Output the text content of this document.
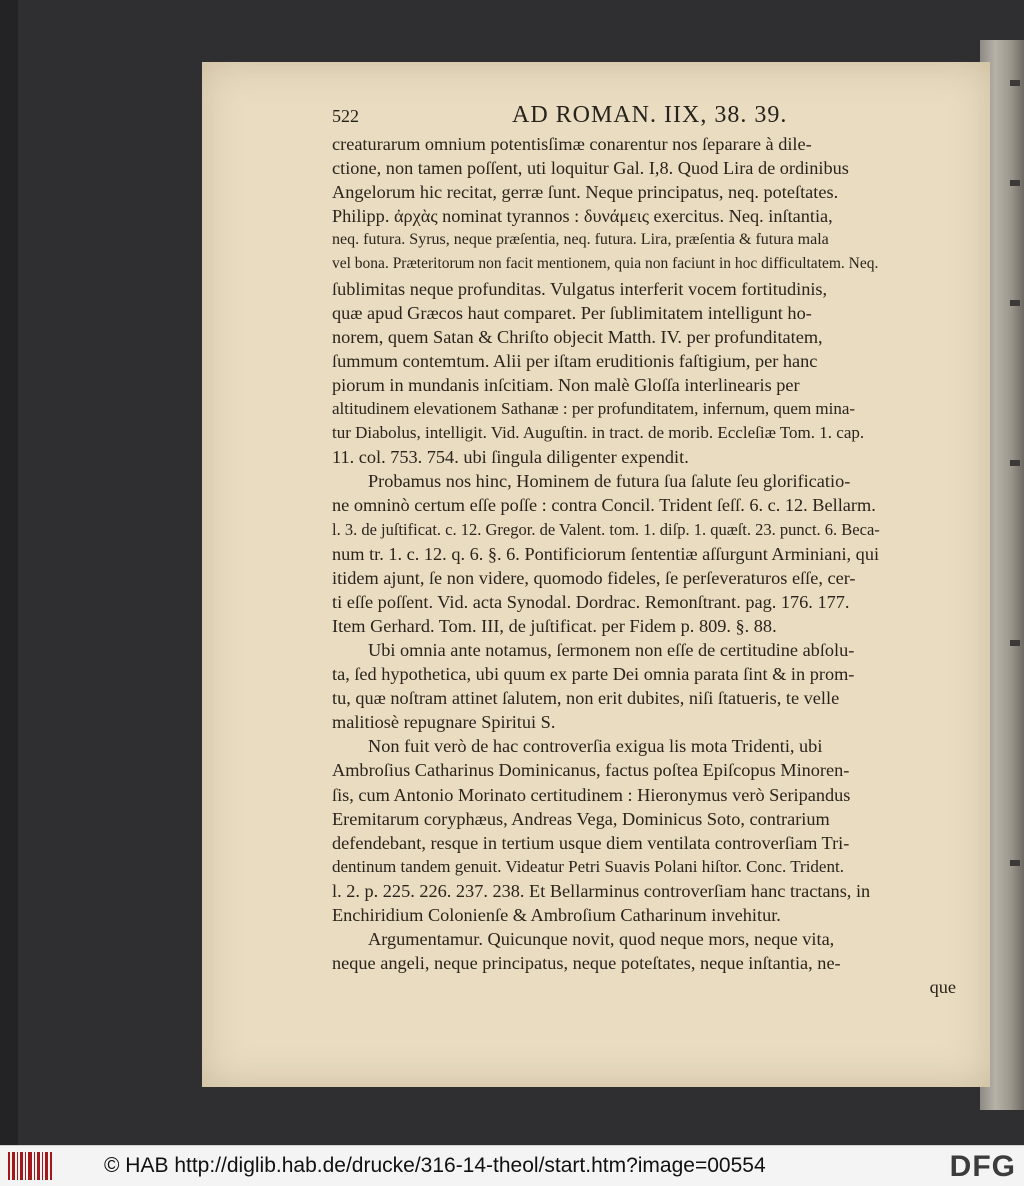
522	AD ROMAN. IIX, 38. 39.
creaturarum omnium potentisſimæ conarentur nos ſeparare à dile-
ctione, non tamen poſſent, uti loquitur Gal. I,8. Quod Lira de ordinibus
Angelorum hic recitat, gerræ ſunt. Neque principatus, neq. poteſtates.
Philipp. ἀρχὰς nominat tyrannos : δυνάμεις exercitus. Neq. inſtantia,
neq. futura. Syrus, neque præſentia, neq. futura. Lira, præſentia & futura mala
vel bona. Præteritorum non facit mentionem, quia non faciunt in hoc difficultatem. Neq.
ſublimitas neque profunditas. Vulgatus interferit vocem fortitudinis,
quæ apud Græcos haut comparet. Per ſublimitatem intelligunt ho-
norem, quem Satan & Chriſto objecit Matth. IV. per profunditatem,
ſummum contemtum. Alii per iſtam eruditionis faſtigium, per hanc
piorum in mundanis inſcitiam. Non malè Gloſſa interlinearis per
altitudinem elevationem Sathanæ : per profunditatem, infernum, quem mina-
tur Diabolus, intelligit. Vid. Auguſtin. in tract. de morib. Eccleſiæ Tom. 1. cap.
11. col. 753. 754. ubi ſingula diligenter expendit.
Probamus nos hinc, Hominem de futura ſua ſalute ſeu glorificatio-
ne omninò certum eſſe poſſe : contra Concil. Trident ſeſſ. 6. c. 12. Bellarm.
l. 3. de juſtificat. c. 12. Gregor. de Valent. tom. 1. diſp. 1. quæſt. 23. punct. 6. Beca-
num tr. 1. c. 12. q. 6. §. 6. Pontificiorum ſententiæ aſſurgunt Arminiani, qui
itidem ajunt, ſe non videre, quomodo fideles, ſe perſeveraturos eſſe, cer-
ti eſſe poſſent. Vid. acta Synodal. Dordrac. Remonſtrant. pag. 176. 177.
Item Gerhard. Tom. III, de juſtificat. per Fidem p. 809. §. 88.
Ubi omnia ante notamus, ſermonem non eſſe de certitudine abſolu-
ta, ſed hypothetica, ubi quum ex parte Dei omnia parata ſint & in prom-
tu, quæ noſtram attinet ſalutem, non erit dubites, niſi ſtatueris, te velle
malitiosè repugnare Spiritui S.
Non fuit verò de hac controverſia exigua lis mota Tridenti, ubi
Ambroſius Catharinus Dominicanus, factus poſtea Epiſcopus Minoren-
ſis, cum Antonio Morinato certitudinem : Hieronymus verò Seripandus
Eremitarum coryphæus, Andreas Vega, Dominicus Soto, contrarium
defendebant, resque in tertium usque diem ventilata controverſiam Tri-
dentinum tandem genuit. Videatur Petri Suavis Polani hiſtor. Conc. Trident.
l. 2. p. 225. 226. 237. 238. Et Bellarminus controverſiam hanc tractans, in
Enchiridium Colonienſe & Ambroſium Catharinum invehitur.
Argumentamur. Quicunque novit, quod neque mors, neque vita,
neque angeli, neque principatus, neque poteſtates, neque inſtantia, ne-
que
© HAB http://diglib.hab.de/drucke/316-14-theol/start.htm?image=00554	DFG
